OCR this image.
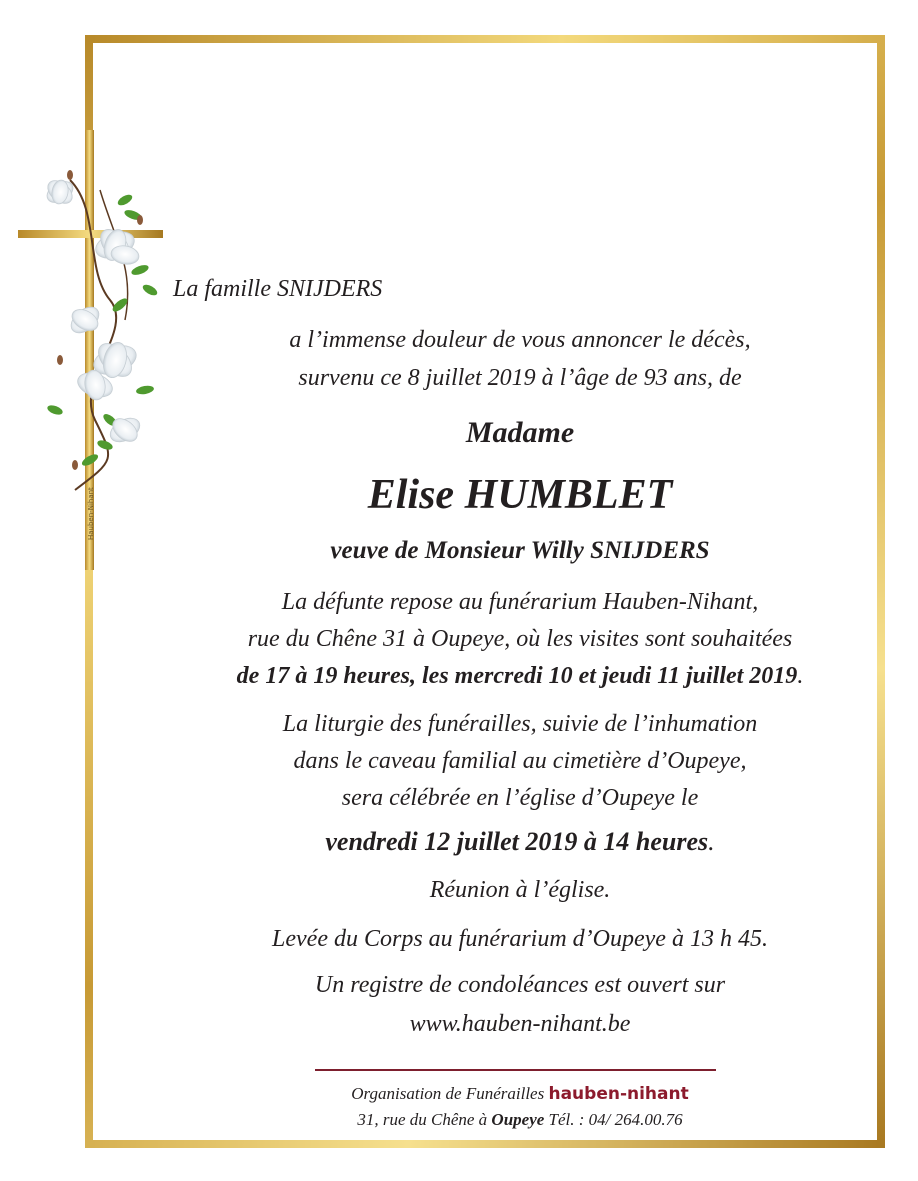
Hauben-Nihant

La famille SNIJDERS

a l’immense douleur de vous annoncer le décès,

survenu ce 8 juillet 2019 à l’âge de 93 ans, de

Madame

Elise HUMBLET

veuve de Monsieur Willy SNIJDERS

La défunte repose au funérarium Hauben-Nihant,

rue du Chêne 31 à Oupeye, où les visites sont souhaitées

de 17 à 19 heures, les mercredi 10 et jeudi 11 juillet 2019.

La liturgie des funérailles, suivie de l’inhumation

dans le caveau familial au cimetière d’Oupeye,

sera célébrée en l’église d’Oupeye le

vendredi 12 juillet 2019 à 14 heures.

Réunion à l’église.

Levée du Corps au funérarium d’Oupeye à 13 h 45.

Un registre de condoléances est ouvert sur

www.hauben-nihant.be

Organisation de Funérailles hauben-nihant
31, rue du Chêne à Oupeye Tél. : 04/ 264.00.76
